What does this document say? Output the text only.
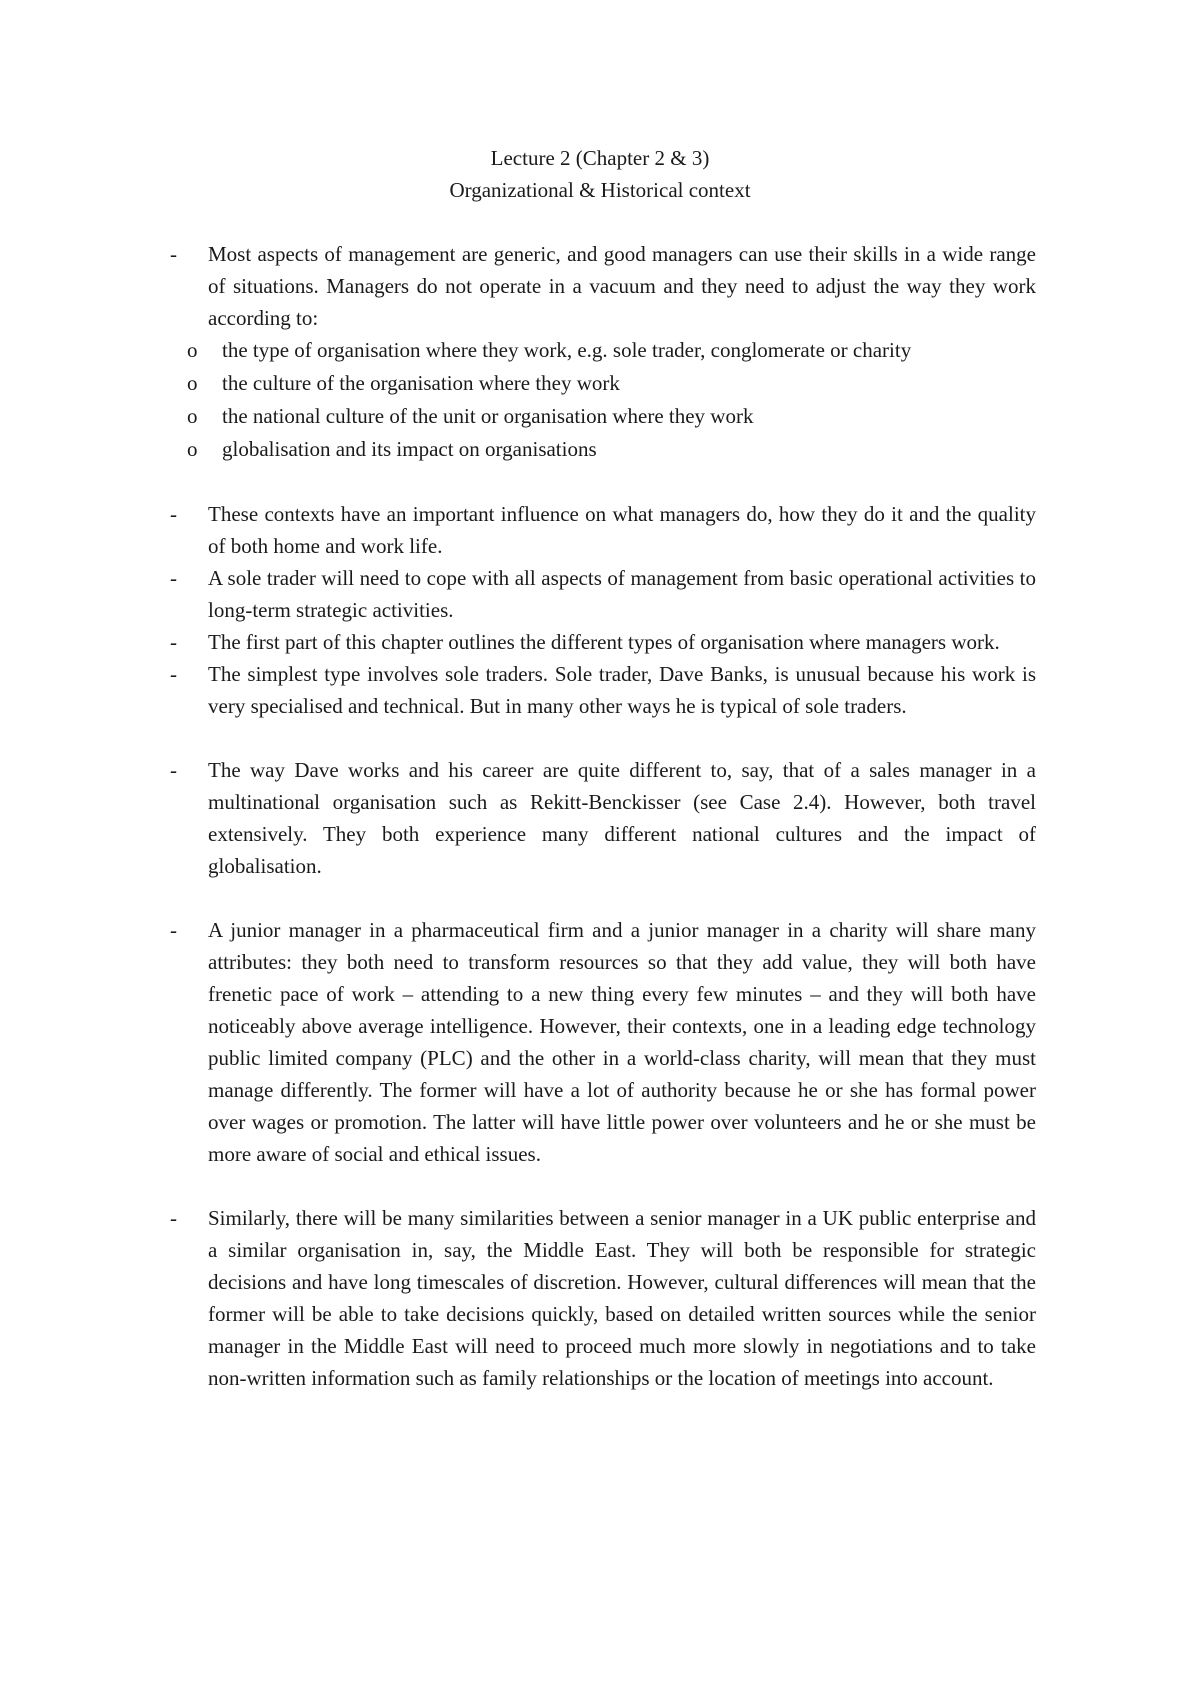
Lecture 2 (Chapter 2 & 3)
Organizational & Historical context
-	Most aspects of management are generic, and good managers can use their skills in a wide range of situations. Managers do not operate in a vacuum and they need to adjust the way they work according to:
o the type of organisation where they work, e.g. sole trader, conglomerate or charity
o the culture of the organisation where they work
o the national culture of the unit or organisation where they work
o globalisation and its impact on organisations
-	These contexts have an important influence on what managers do, how they do it and the quality of both home and work life.
-	A sole trader will need to cope with all aspects of management from basic operational activities to long-term strategic activities.
-	The first part of this chapter outlines the different types of organisation where managers work.
-	The simplest type involves sole traders. Sole trader, Dave Banks, is unusual because his work is very specialised and technical. But in many other ways he is typical of sole traders.
-	The way Dave works and his career are quite different to, say, that of a sales manager in a multinational organisation such as Rekitt-Benckisser (see Case 2.4). However, both travel extensively. They both experience many different national cultures and the impact of globalisation.
-	A junior manager in a pharmaceutical firm and a junior manager in a charity will share many attributes: they both need to transform resources so that they add value, they will both have frenetic pace of work – attending to a new thing every few minutes – and they will both have noticeably above average intelligence. However, their contexts, one in a leading edge technology public limited company (PLC) and the other in a world-class charity, will mean that they must manage differently. The former will have a lot of authority because he or she has formal power over wages or promotion. The latter will have little power over volunteers and he or she must be more aware of social and ethical issues.
-	Similarly, there will be many similarities between a senior manager in a UK public enterprise and a similar organisation in, say, the Middle East. They will both be responsible for strategic decisions and have long timescales of discretion. However, cultural differences will mean that the former will be able to take decisions quickly, based on detailed written sources while the senior manager in the Middle East will need to proceed much more slowly in negotiations and to take non-written information such as family relationships or the location of meetings into account.
